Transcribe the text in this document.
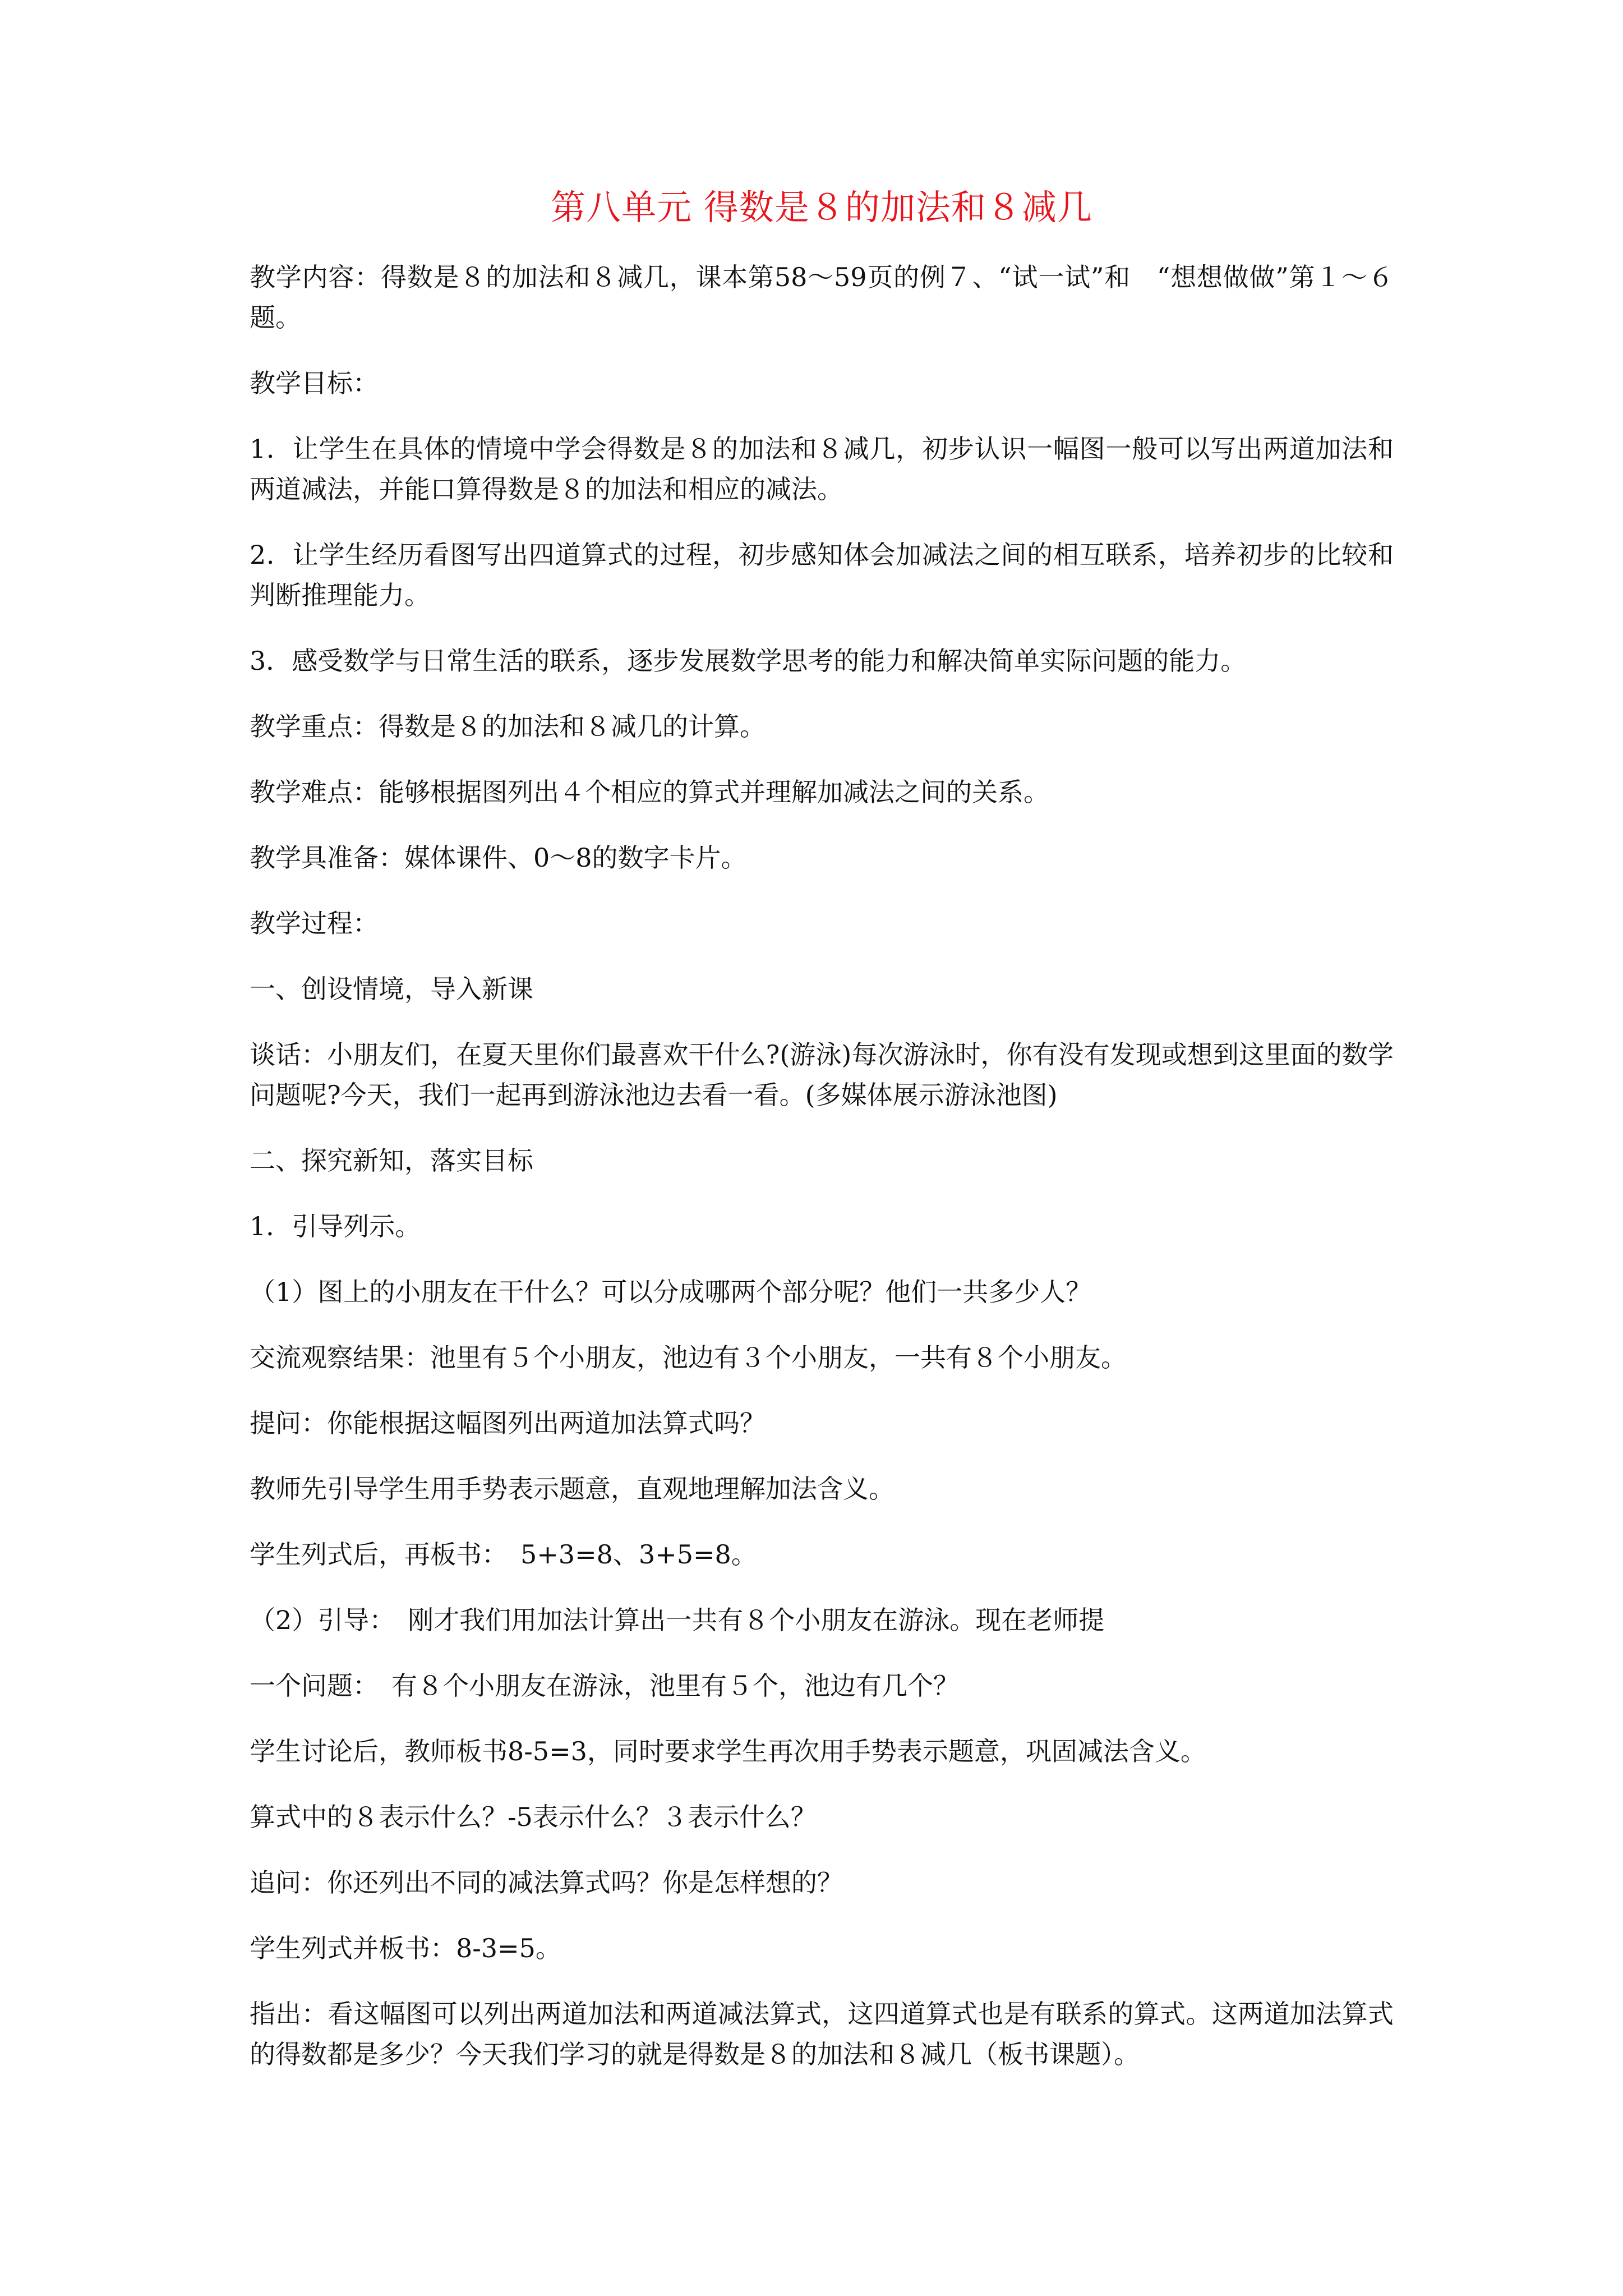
第八单元 得数是８的加法和８减几

教学内容：得数是８的加法和８减几，课本第58～59页的例７、“试一试”和　“想想做做”第１～６题。

教学目标：

1．让学生在具体的情境中学会得数是８的加法和８减几，初步认识一幅图一般可以写出两道加法和两道减法，并能口算得数是８的加法和相应的减法。

2．让学生经历看图写出四道算式的过程，初步感知体会加减法之间的相互联系，培养初步的比较和判断推理能力。

3．感受数学与日常生活的联系，逐步发展数学思考的能力和解决简单实际问题的能力。

教学重点：得数是８的加法和８减几的计算。

教学难点：能够根据图列出４个相应的算式并理解加减法之间的关系。

教学具准备：媒体课件、0～8的数字卡片。

教学过程：

一、创设情境，导入新课

谈话：小朋友们，在夏天里你们最喜欢干什么?(游泳)每次游泳时，你有没有发现或想到这里面的数学问题呢?今天，我们一起再到游泳池边去看一看。(多媒体展示游泳池图)

二、探究新知，落实目标

1．引导列示。

（1）图上的小朋友在干什么？可以分成哪两个部分呢？他们一共多少人？

交流观察结果：池里有５个小朋友，池边有３个小朋友，一共有８个小朋友。

提问：你能根据这幅图列出两道加法算式吗？

教师先引导学生用手势表示题意，直观地理解加法含义。

学生列式后，再板书：　5+3=8、3+5=8。

（2）引导：　刚才我们用加法计算出一共有８个小朋友在游泳。现在老师提

一个问题：　有８个小朋友在游泳，池里有５个，池边有几个？

学生讨论后，教师板书8-5=3，同时要求学生再次用手势表示题意，巩固减法含义。

算式中的８表示什么？-5表示什么？３表示什么？

追问：你还列出不同的减法算式吗？你是怎样想的？

学生列式并板书：8-3=5。

指出：看这幅图可以列出两道加法和两道减法算式，这四道算式也是有联系的算式。这两道加法算式的得数都是多少？今天我们学习的就是得数是８的加法和８减几（板书课题）。
